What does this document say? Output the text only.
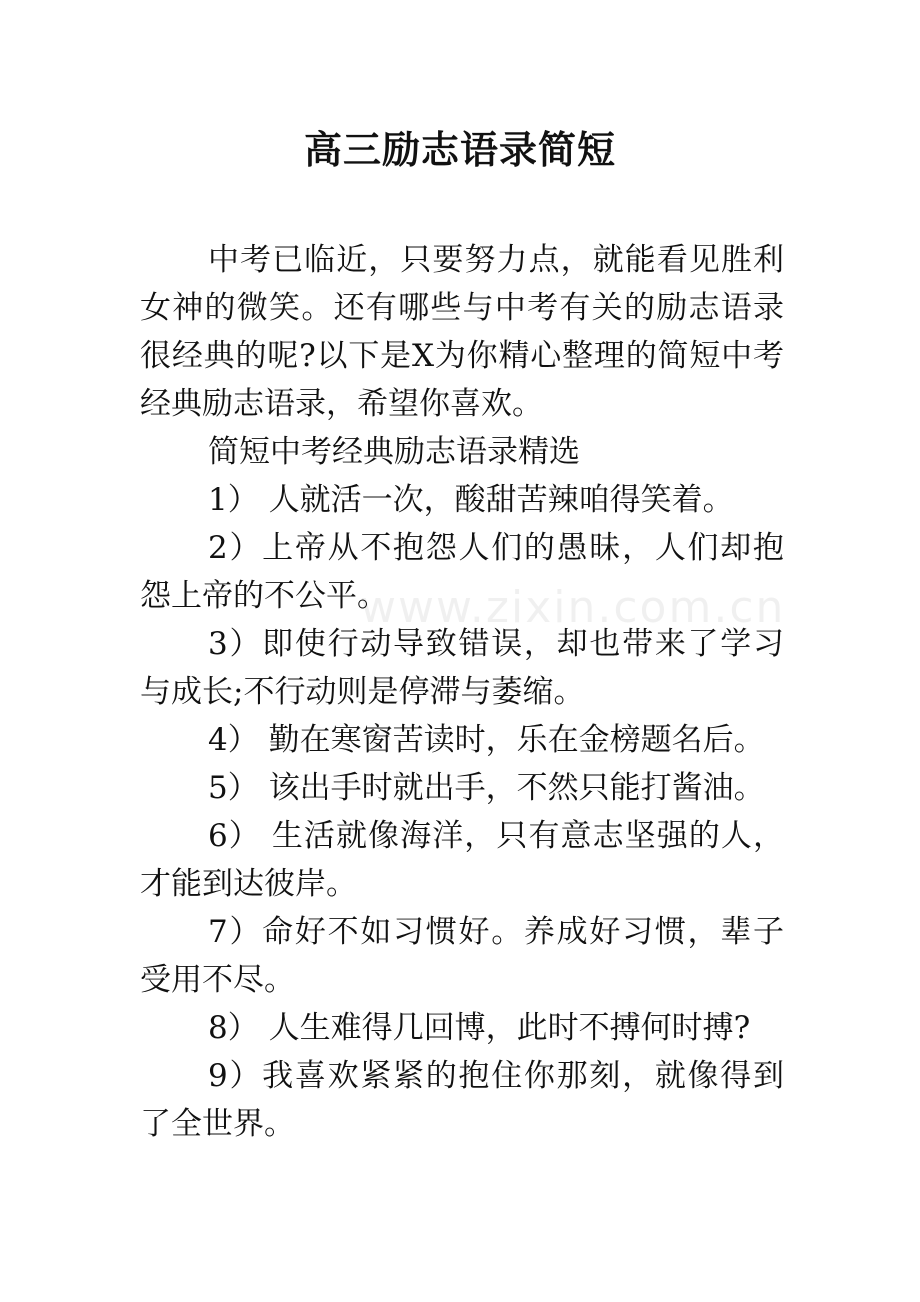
www.zixin.com.cn
高三励志语录简短

中考已临近，只要努力点，就能看见胜利女神的微笑。还有哪些与中考有关的励志语录很经典的呢?以下是X为你精心整理的简短中考经典励志语录，希望你喜欢。

简短中考经典励志语录精选

1） 人就活一次，酸甜苦辣咱得笑着。

2）上帝从不抱怨人们的愚昧，人们却抱怨上帝的不公平。

3）即使行动导致错误，却也带来了学习与成长;不行动则是停滞与萎缩。

4） 勤在寒窗苦读时，乐在金榜题名后。

5） 该出手时就出手，不然只能打酱油。

6） 生活就像海洋，只有意志坚强的人，才能到达彼岸。

7）命好不如习惯好。养成好习惯，辈子受用不尽。

8） 人生难得几回博，此时不搏何时搏?

9）我喜欢紧紧的抱住你那刻，就像得到了全世界。
